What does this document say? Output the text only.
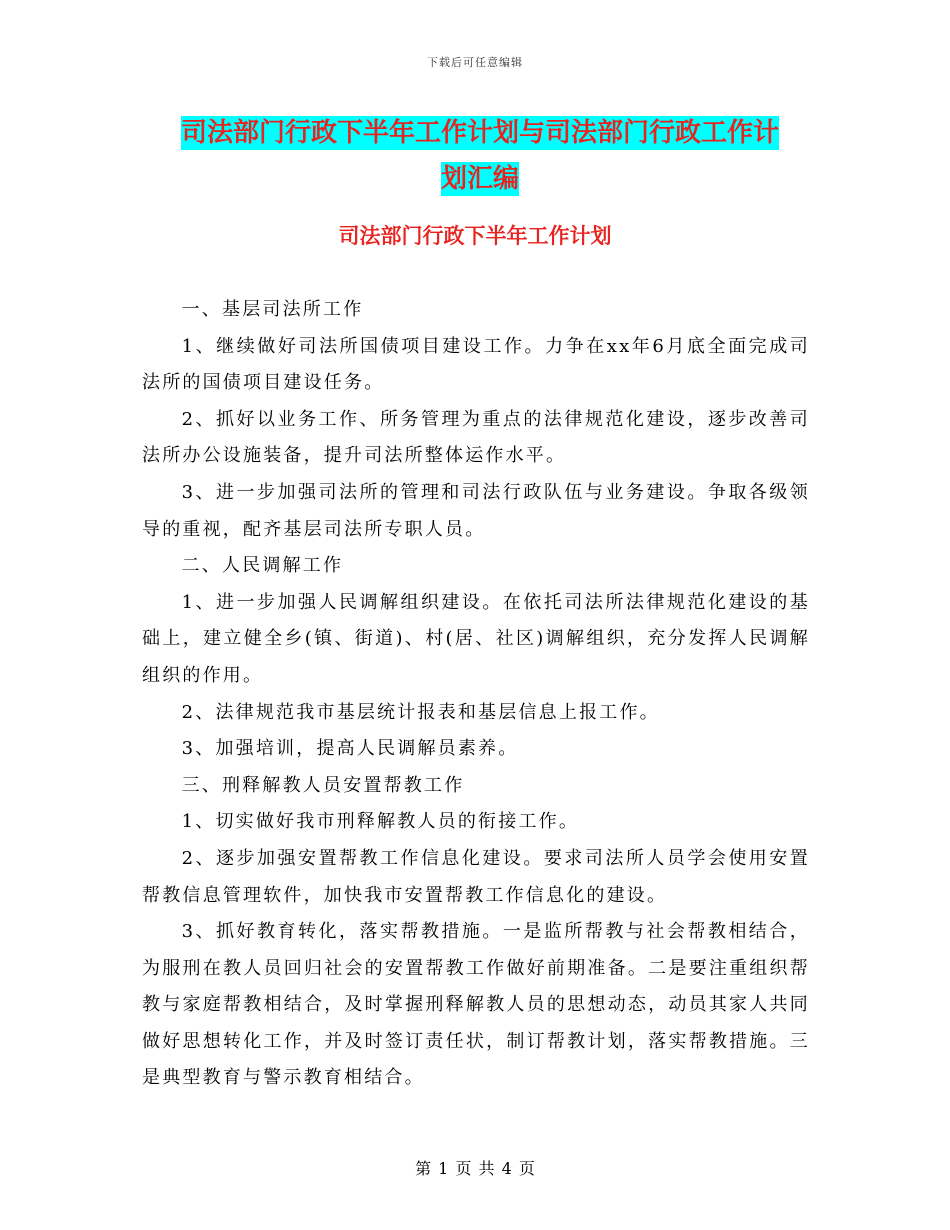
下载后可任意编辑
司法部门行政下半年工作计划与司法部门行政工作计
划汇编
司法部门行政下半年工作计划

一、基层司法所工作

1、继续做好司法所国债项目建设工作。力争在xx年6月底全面完成司法所的国债项目建设任务。

2、抓好以业务工作、所务管理为重点的法律规范化建设，逐步改善司法所办公设施装备，提升司法所整体运作水平。

3、进一步加强司法所的管理和司法行政队伍与业务建设。争取各级领导的重视，配齐基层司法所专职人员。

二、人民调解工作

1、进一步加强人民调解组织建设。在依托司法所法律规范化建设的基础上，建立健全乡(镇、街道)、村(居、社区)调解组织，充分发挥人民调解组织的作用。

2、法律规范我市基层统计报表和基层信息上报工作。

3、加强培训，提高人民调解员素养。

三、刑释解教人员安置帮教工作

1、切实做好我市刑释解教人员的衔接工作。

2、逐步加强安置帮教工作信息化建设。要求司法所人员学会使用安置帮教信息管理软件，加快我市安置帮教工作信息化的建设。

3、抓好教育转化，落实帮教措施。一是监所帮教与社会帮教相结合，为服刑在教人员回归社会的安置帮教工作做好前期准备。二是要注重组织帮教与家庭帮教相结合，及时掌握刑释解教人员的思想动态，动员其家人共同做好思想转化工作，并及时签订责任状，制订帮教计划，落实帮教措施。三是典型教育与警示教育相结合。

第 1 页 共 4 页
